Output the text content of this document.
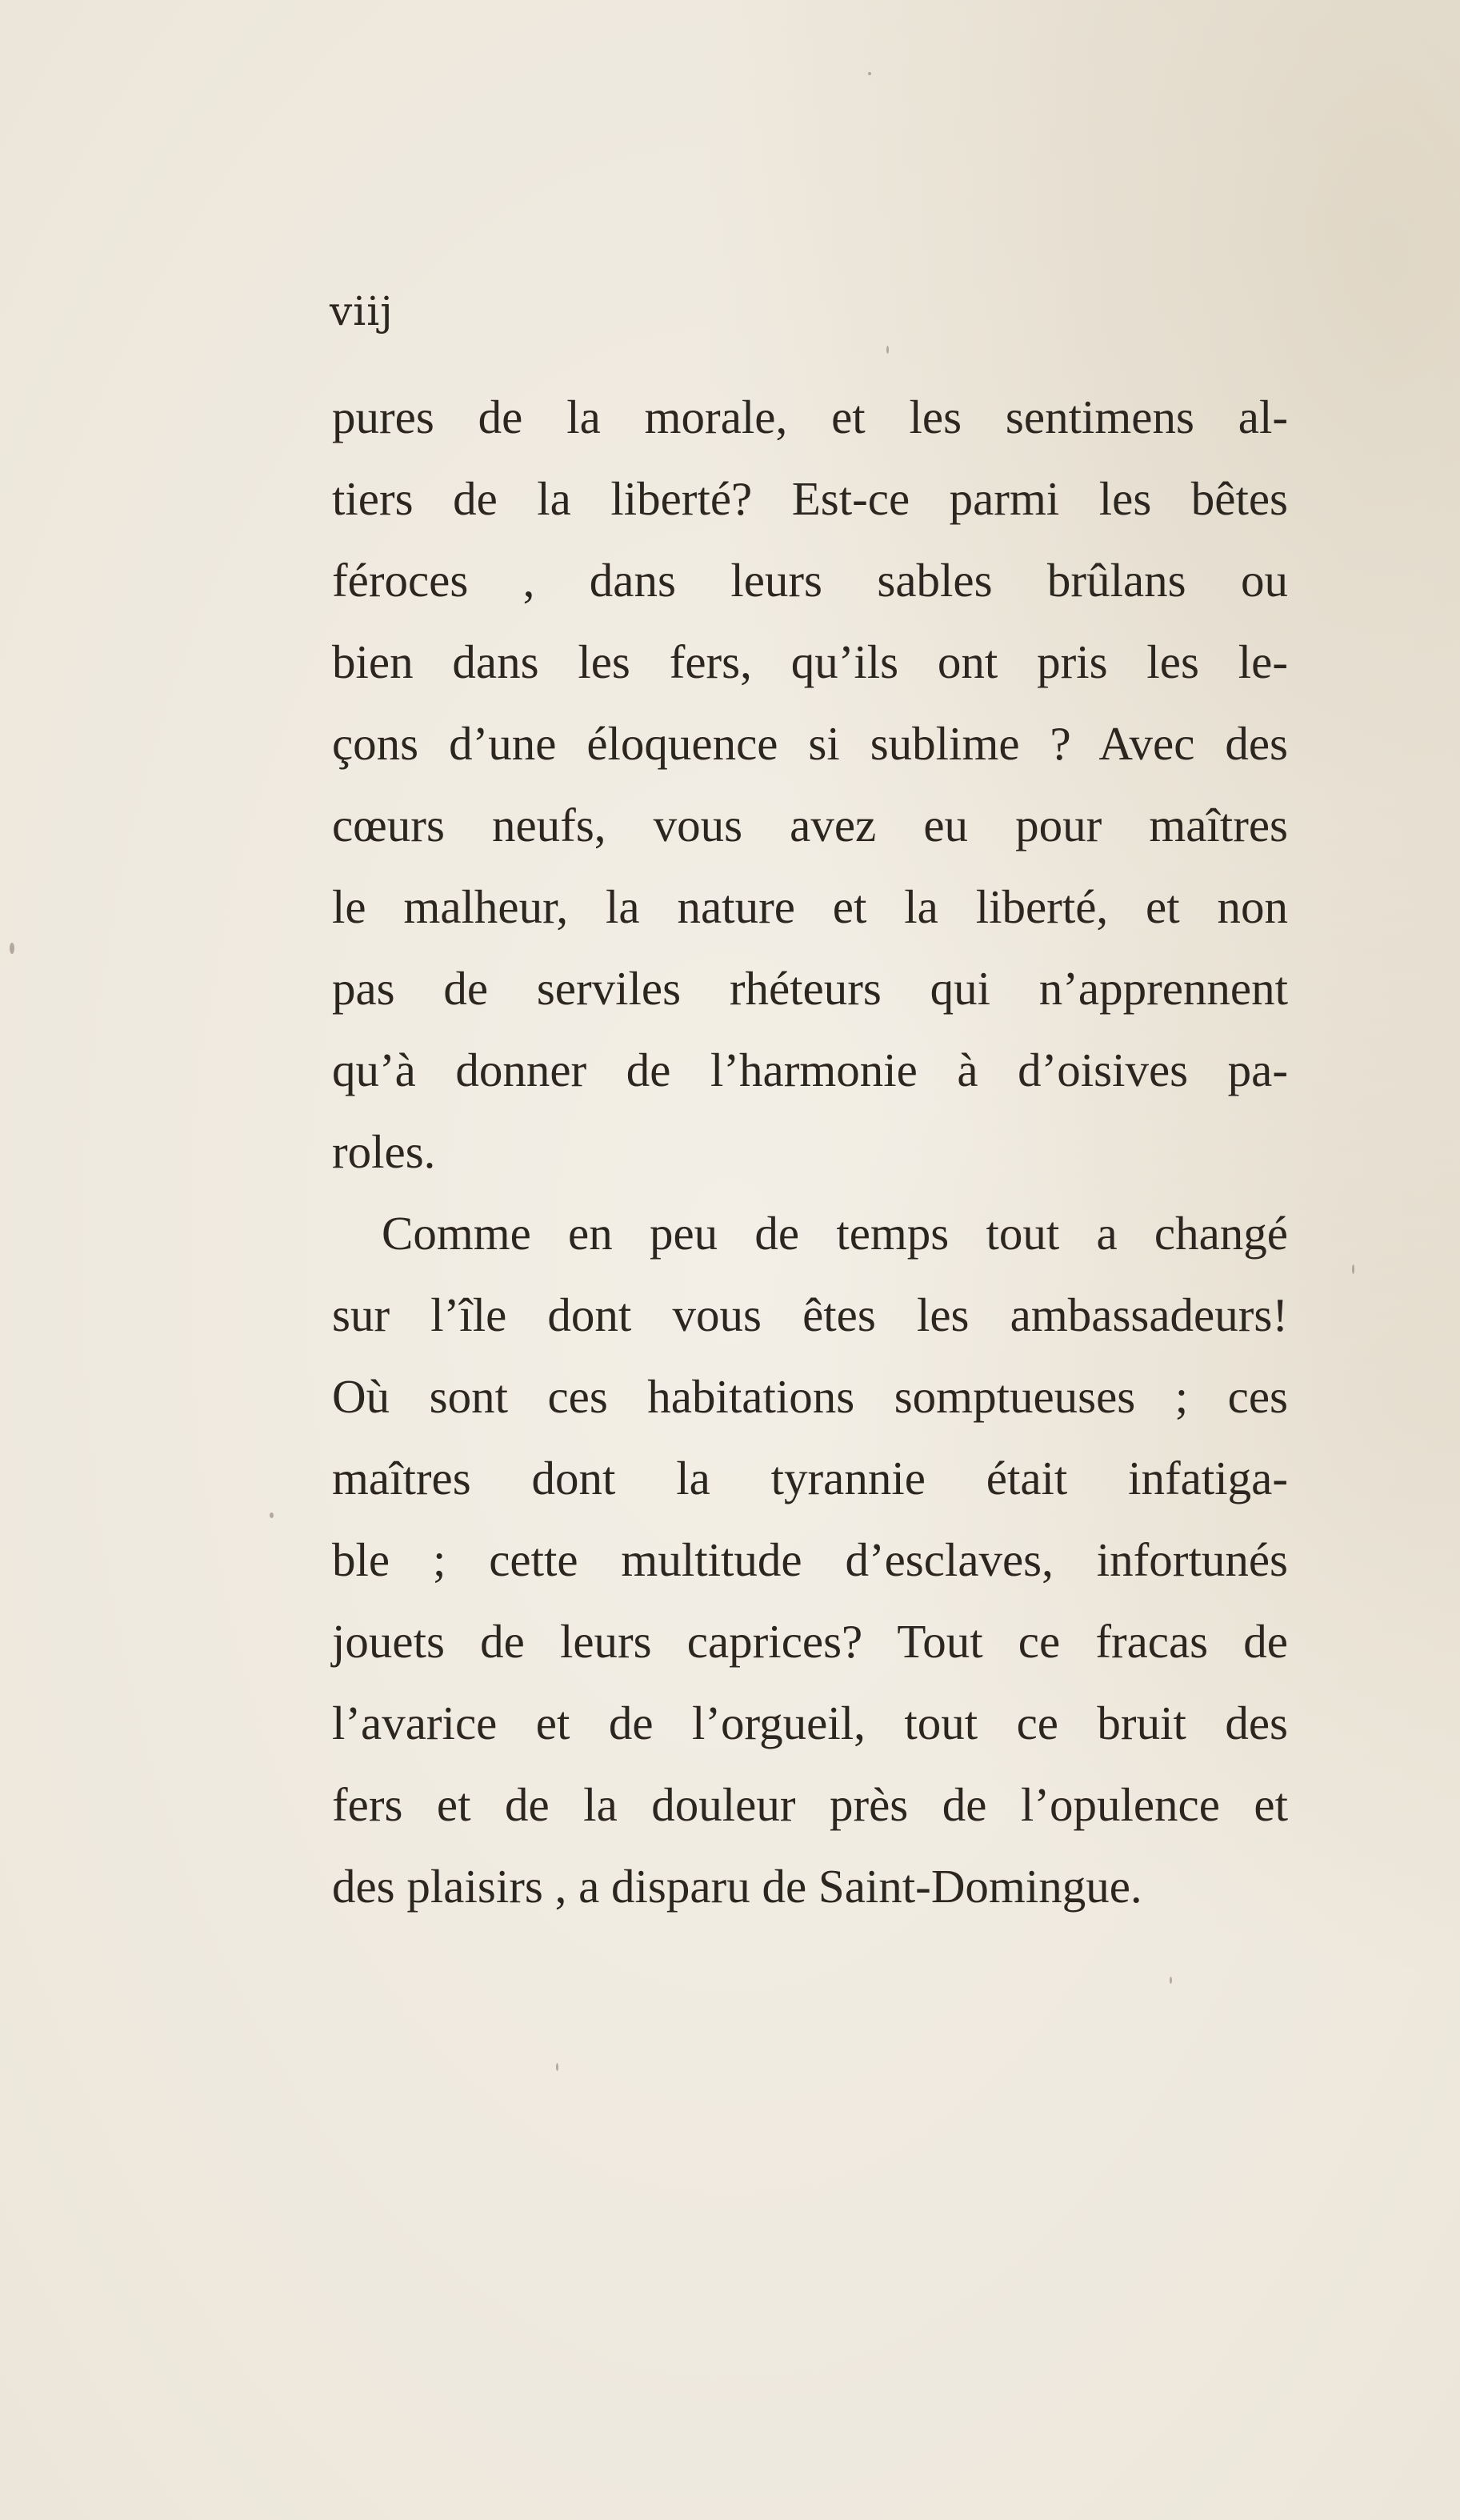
viij
pures de la morale, et les sentimens al-
tiers de la liberté? Est-ce parmi les bêtes
féroces , dans leurs sables brûlans ou
bien dans les fers, qu’ils ont pris les le-
çons d’une éloquence si sublime ? Avec des
cœurs neufs, vous avez eu pour maîtres
le malheur, la nature et la liberté, et non
pas de serviles rhéteurs qui n’apprennent
qu’à donner de l’harmonie à d’oisives pa-
roles.
Comme en peu de temps tout a changé
sur l’île dont vous êtes les ambassadeurs!
Où sont ces habitations somptueuses ; ces
maîtres dont la tyrannie était infatiga-
ble ; cette multitude d’esclaves, infortunés
jouets de leurs caprices? Tout ce fracas de
l’avarice et de l’orgueil, tout ce bruit des
fers et de la douleur près de l’opulence et
des plaisirs , a disparu de Saint-Domingue.
